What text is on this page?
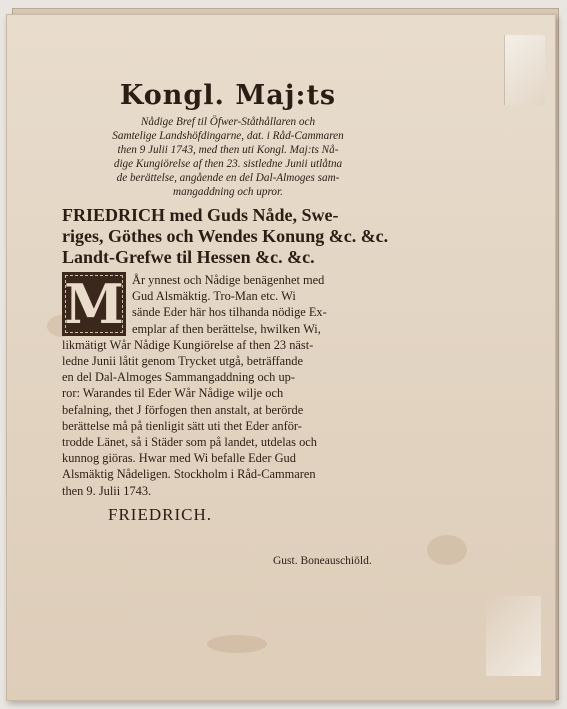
Kongl. Maj:ts
Nådige Bref til Öfwer-Ståthållaren och
Samtelige Landshöfdingarne, dat. i Råd-Cammaren
then 9 Julii 1743, med then uti Kongl. Maj:ts Nå-
dige Kungiörelse af then 23. sistledne Junii utlåtna
de berättelse, angående en del Dal-Almoges sam-
mangaddning och upror.
FRIEDRICH med Guds Nåde, Swe-
riges, Göthes och Wendes Konung &c. &c.
Landt-Grefwe til Hessen &c. &c.
M År ynnest och Nådige benägenhet med
Gud Alsmäktig. Tro-Man etc. Wi
sände Eder här hos tilhanda nödige Ex-
emplar af then berättelse, hwilken Wi,
likmätigt Wår Nådige Kungiörelse af then 23 näst-
ledne Junii låtit genom Trycket utgå, beträffande
en del Dal-Almoges Sammangaddning och up-
ror: Warandes til Eder Wår Nådige wilje och
befalning, thet J förfogen then anstalt, at berörde
berättelse må på tienligit sätt uti thet Eder anför-
trodde Länet, så i Städer som på landet, utdelas och
kunnog giöras. Hwar med Wi befalle Eder Gud
Alsmäktig Nådeligen. Stockholm i Råd-Cammaren
then 9. Julii 1743.
FRIEDRICH.
Gust. Boneauschiöld.
